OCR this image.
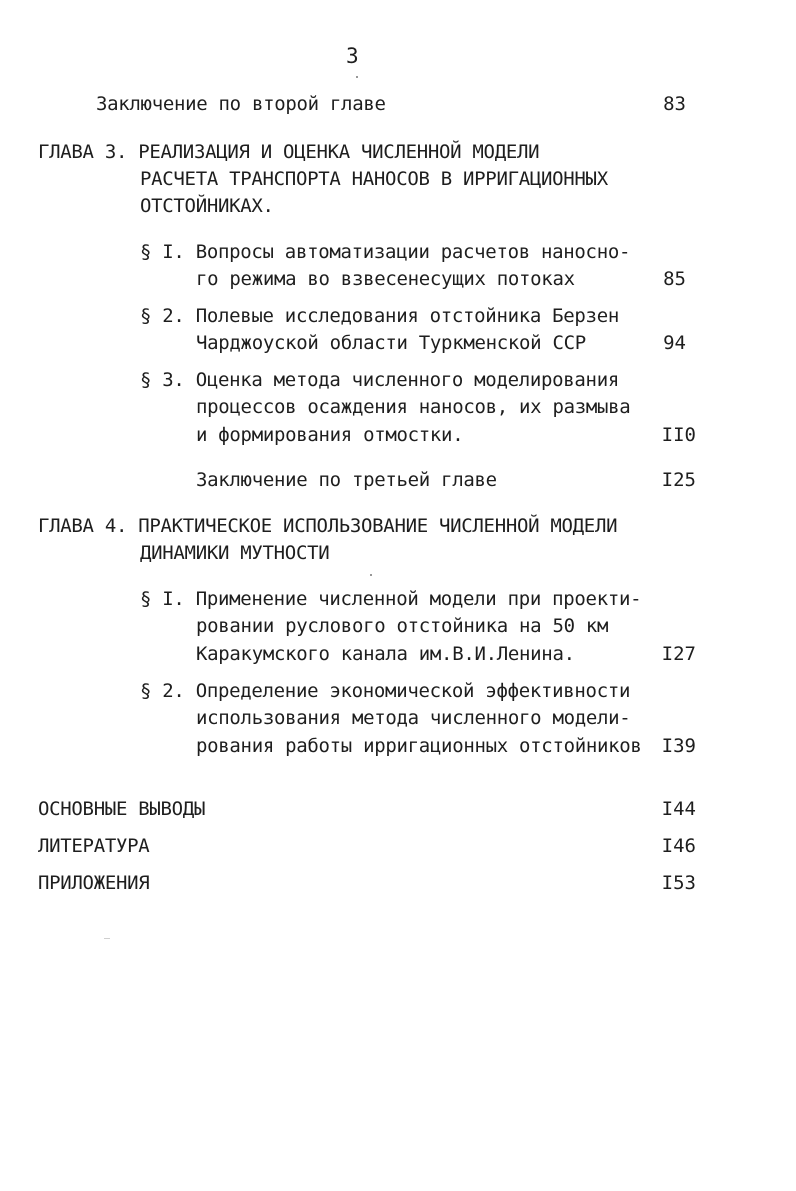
3
Заключение по второй главе	83
ГЛАВА 3. РЕАЛИЗАЦИЯ И ОЦЕНКА ЧИСЛЕННОЙ МОДЕЛИ
РАСЧЕТА ТРАНСПОРТА НАНОСОВ В ИРРИГАЦИОННЫХ
ОТСТОЙНИКАХ.
§ I. Вопросы автоматизации расчетов наносно-
го режима во взвесенесущих потоках	85
§ 2. Полевые исследования отстойника Берзен
Чарджоуской области Туркменской ССР	94
§ 3. Оценка метода численного моделирования
процессов осаждения наносов, их размыва
и формирования отмостки.	II0
Заключение по третьей главе	I25
ГЛАВА 4. ПРАКТИЧЕСКОЕ ИСПОЛЬЗОВАНИЕ ЧИСЛЕННОЙ МОДЕЛИ
ДИНАМИКИ МУТНОСТИ
§ I. Применение численной модели при проекти-
ровании руслового отстойника на 50 км
Каракумского канала им.В.И.Ленина.	I27
§ 2. Определение экономической эффективности
использования метода численного модели-
рования работы ирригационных отстойников	I39
ОСНОВНЫЕ ВЫВОДЫ	I44
ЛИТЕРАТУРА	I46
ПРИЛОЖЕНИЯ	I53
